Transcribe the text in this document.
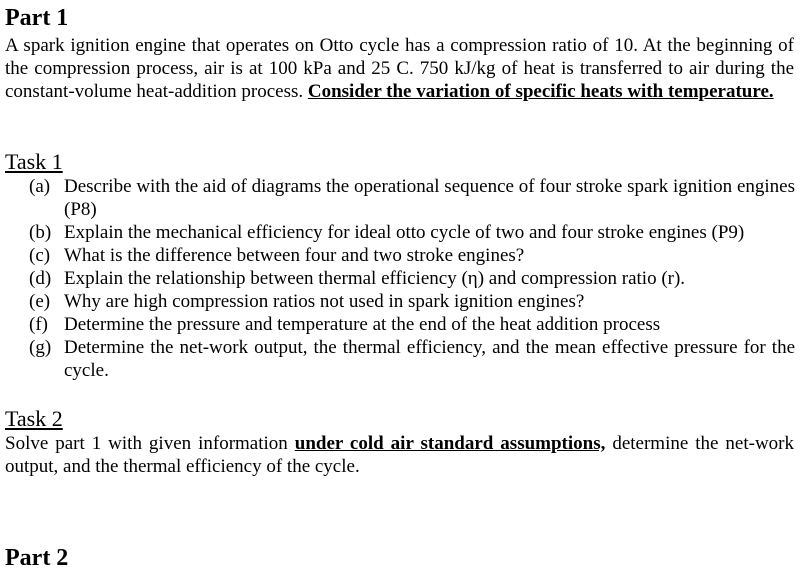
Part 1

A spark ignition engine that operates on Otto cycle has a compression ratio of 10. At the beginning of the compression process, air is at 100 kPa and 25 C. 750 kJ/kg of heat is transferred to air during the constant-volume heat-addition process. Consider the variation of specific heats with temperature.

Task 1
(a) Describe with the aid of diagrams the operational sequence of four stroke spark ignition engines (P8)
(b) Explain the mechanical efficiency for ideal otto cycle of two and four stroke engines (P9)
(c) What is the difference between four and two stroke engines?
(d) Explain the relationship between thermal efficiency (η) and compression ratio (r).
(e) Why are high compression ratios not used in spark ignition engines?
(f) Determine the pressure and temperature at the end of the heat addition process
(g) Determine the net-work output, the thermal efficiency, and the mean effective pressure for the cycle.
Task 2

Solve part 1 with given information under cold air standard assumptions, determine the net-work output, and the thermal efficiency of the cycle.

Part 2
